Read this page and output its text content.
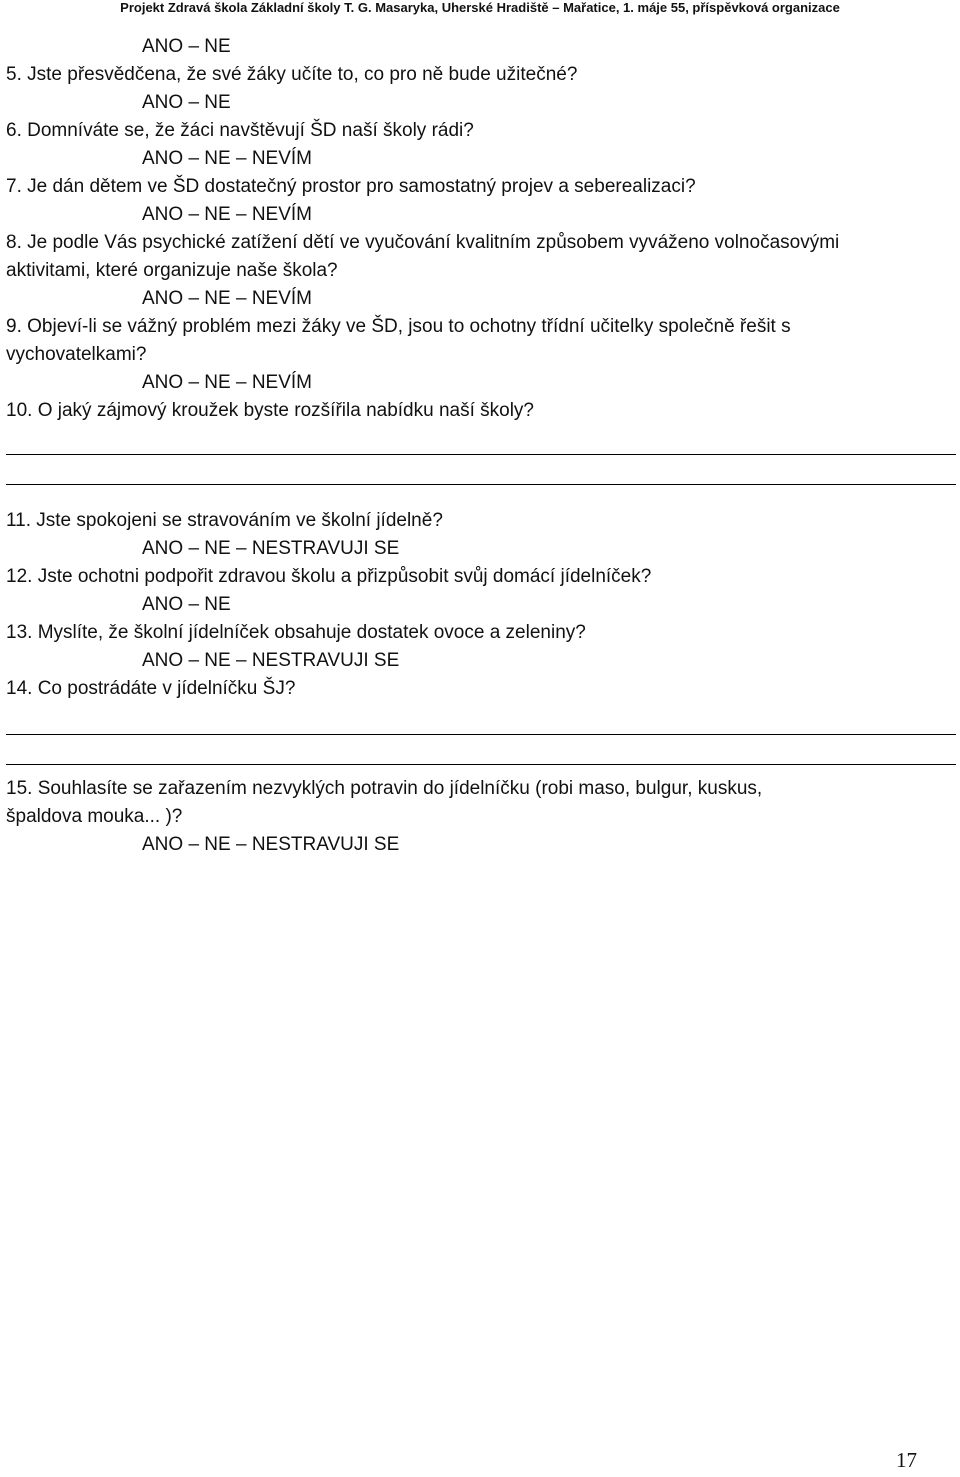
Projekt Zdravá škola Základní školy T. G. Masaryka, Uherské Hradiště – Mařatice, 1. máje 55, příspěvková organizace
ANO – NE
5. Jste přesvědčena, že své žáky učíte to, co pro ně bude užitečné?
ANO – NE
6. Domníváte se, že žáci navštěvují ŠD naší školy rádi?
ANO – NE – NEVÍM
7. Je dán dětem ve ŠD dostatečný prostor pro samostatný projev a seberealizaci?
ANO – NE – NEVÍM
8. Je podle Vás psychické zatížení dětí ve vyučování kvalitním způsobem vyváženo volnočasovými
aktivitami, které organizuje naše škola?
ANO – NE – NEVÍM
9. Objeví-li se vážný problém mezi žáky ve ŠD, jsou to ochotny třídní učitelky společně řešit s
vychovatelkami?
ANO – NE – NEVÍM
10. O jaký zájmový kroužek byste rozšířila nabídku naší školy?
11. Jste spokojeni se stravováním ve školní jídelně?
ANO – NE – NESTRAVUJI SE
12. Jste ochotni podpořit zdravou školu a přizpůsobit svůj domácí jídelníček?
ANO – NE
13. Myslíte, že školní jídelníček obsahuje dostatek ovoce a zeleniny?
ANO – NE – NESTRAVUJI SE
14. Co postrádáte v jídelníčku ŠJ?
15. Souhlasíte se zařazením nezvyklých potravin do jídelníčku (robi maso, bulgur, kuskus,
špaldova mouka... )?
ANO – NE – NESTRAVUJI SE
17
